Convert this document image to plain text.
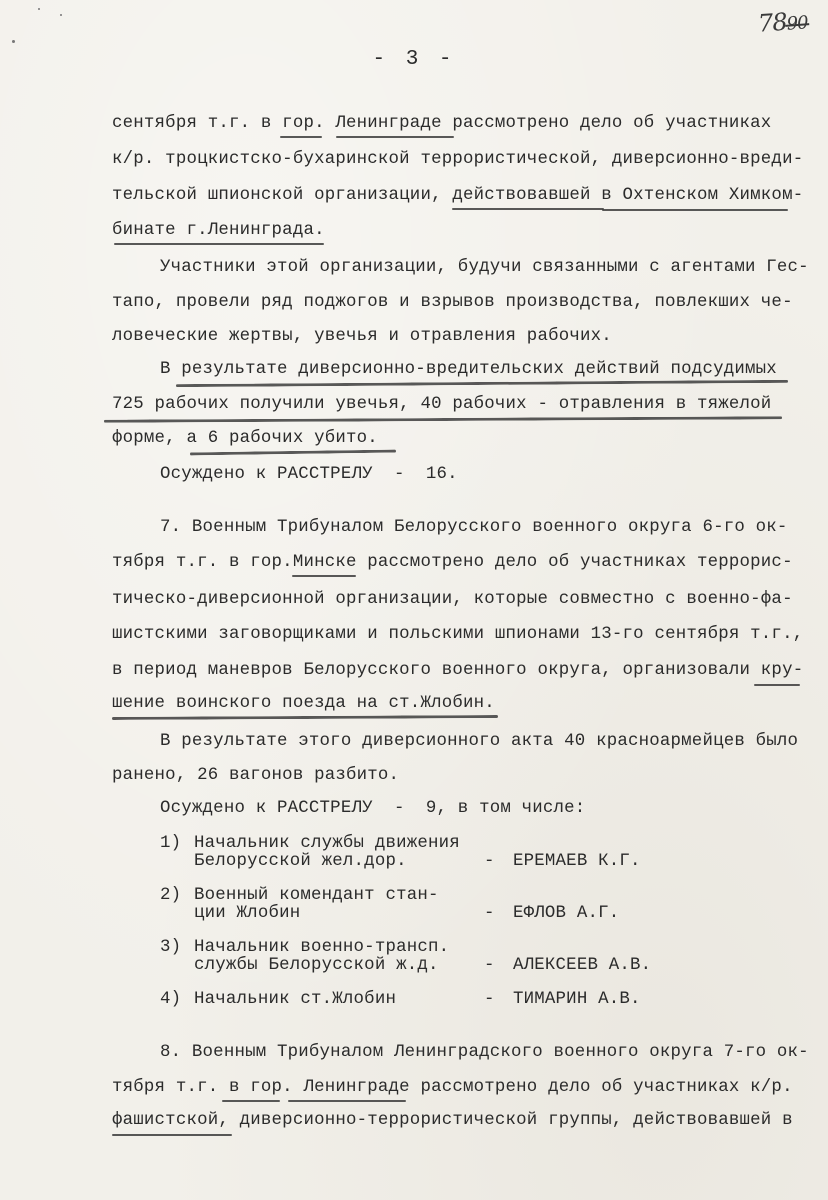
7890
- 3 -
сентября т.г. в гор. Ленинграде рассмотрено дело об участниках
к/р. троцкистско-бухаринской террористической, диверсионно-вреди-
тельской шпионской организации, действовавшей в Охтенском Химком-
бинате г.Ленинграда.
Участники этой организации, будучи связанными с агентами Гес-
тапо, провели ряд поджогов и взрывов производства, повлекших че-
ловеческие жертвы, увечья и отравления рабочих.
В результате диверсионно-вредительских действий подсудимых
725 рабочих получили увечья, 40 рабочих - отравления в тяжелой
форме, а 6 рабочих убито.
Осуждено к РАССТРЕЛУ  -  16.
7. Военным Трибуналом Белорусского военного округа 6-го ок-
тября т.г. в гор.Минске рассмотрено дело об участниках террорис-
тическо-диверсионной организации, которые совместно с военно-фа-
шистскими заговорщиками и польскими шпионами 13-го сентября т.г.,
в период маневров Белорусского военного округа, организовали кру-
шение воинского поезда на ст.Жлобин.
В результате этого диверсионного акта 40 красноармейцев было
ранено, 26 вагонов разбито.
Осуждено к РАССТРЕЛУ  -  9, в том числе:
1) Начальник службы движения
Белорусской жел.дор.	- ЕРЕМАЕВ К.Г.
2) Военный комендант стан-
ции Жлобин	- ЕФЛОВ А.Г.
3) Начальник военно-трансп.
службы Белорусской ж.д.	- АЛЕКСЕЕВ А.В.
4) Начальник ст.Жлобин	- ТИМАРИН А.В.
8. Военным Трибуналом Ленинградского военного округа 7-го ок-
тября т.г. в гор. Ленинграде рассмотрено дело об участниках к/р.
фашистской, диверсионно-террористической группы, действовавшей в
